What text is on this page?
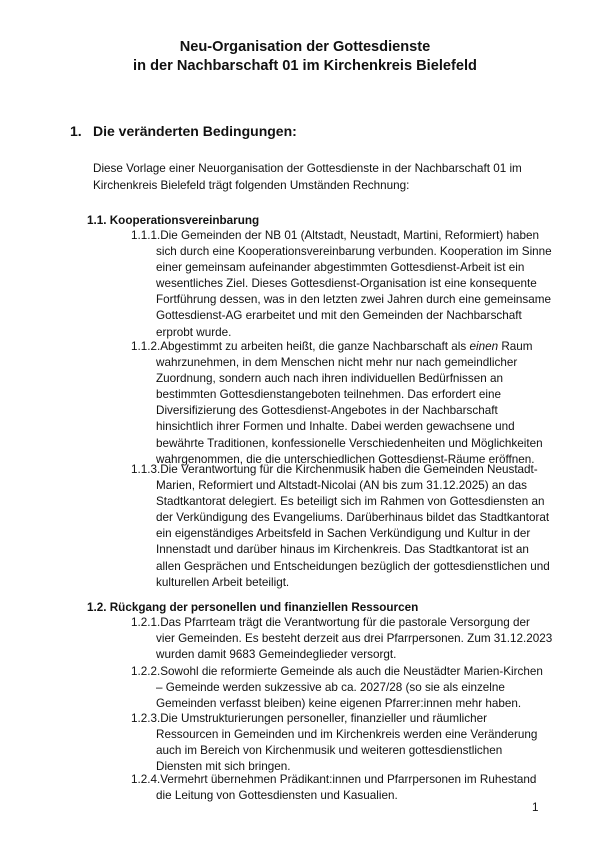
Neu-Organisation der Gottesdienste
in der Nachbarschaft 01 im Kirchenkreis Bielefeld
1. Die veränderten Bedingungen:
Diese Vorlage einer Neuorganisation der Gottesdienste in der Nachbarschaft 01 im
Kirchenkreis Bielefeld trägt folgenden Umständen Rechnung:
1.1. Kooperationsvereinbarung
1.1.1.Die Gemeinden der NB 01 (Altstadt, Neustadt, Martini, Reformiert) haben
sich durch eine Kooperationsvereinbarung verbunden. Kooperation im Sinne
einer gemeinsam aufeinander abgestimmten Gottesdienst-Arbeit ist ein
wesentliches Ziel. Dieses Gottesdienst-Organisation ist eine konsequente
Fortführung dessen, was in den letzten zwei Jahren durch eine gemeinsame
Gottesdienst-AG erarbeitet und mit den Gemeinden der Nachbarschaft
erprobt wurde.
1.1.2.Abgestimmt zu arbeiten heißt, die ganze Nachbarschaft als einen Raum
wahrzunehmen, in dem Menschen nicht mehr nur nach gemeindlicher
Zuordnung, sondern auch nach ihren individuellen Bedürfnissen an
bestimmten Gottesdienstangeboten teilnehmen. Das erfordert eine
Diversifizierung des Gottesdienst-Angebotes in der Nachbarschaft
hinsichtlich ihrer Formen und Inhalte. Dabei werden gewachsene und
bewährte Traditionen, konfessionelle Verschiedenheiten und Möglichkeiten
wahrgenommen, die die unterschiedlichen Gottesdienst-Räume eröffnen.
1.1.3.Die Verantwortung für die Kirchenmusik haben die Gemeinden Neustadt-
Marien, Reformiert und Altstadt-Nicolai (AN bis zum 31.12.2025) an das
Stadtkantorat delegiert. Es beteiligt sich im Rahmen von Gottesdiensten an
der Verkündigung des Evangeliums. Darüberhinaus bildet das Stadtkantorat
ein eigenständiges Arbeitsfeld in Sachen Verkündigung und Kultur in der
Innenstadt und darüber hinaus im Kirchenkreis. Das Stadtkantorat ist an
allen Gesprächen und Entscheidungen bezüglich der gottesdienstlichen und
kulturellen Arbeit beteiligt.
1.2. Rückgang der personellen und finanziellen Ressourcen
1.2.1.Das Pfarrteam trägt die Verantwortung für die pastorale Versorgung der
vier Gemeinden. Es besteht derzeit aus drei Pfarrpersonen. Zum 31.12.2023
wurden damit 9683 Gemeindeglieder versorgt.
1.2.2.Sowohl die reformierte Gemeinde als auch die Neustädter Marien-Kirchen
– Gemeinde werden sukzessive ab ca. 2027/28 (so sie als einzelne
Gemeinden verfasst bleiben) keine eigenen Pfarrer:innen mehr haben.
1.2.3.Die Umstrukturierungen personeller, finanzieller und räumlicher
Ressourcen in Gemeinden und im Kirchenkreis werden eine Veränderung
auch im Bereich von Kirchenmusik und weiteren gottesdienstlichen
Diensten mit sich bringen.
1.2.4.Vermehrt übernehmen Prädikant:innen und Pfarrpersonen im Ruhestand
die Leitung von Gottesdiensten und Kasualien.
1
